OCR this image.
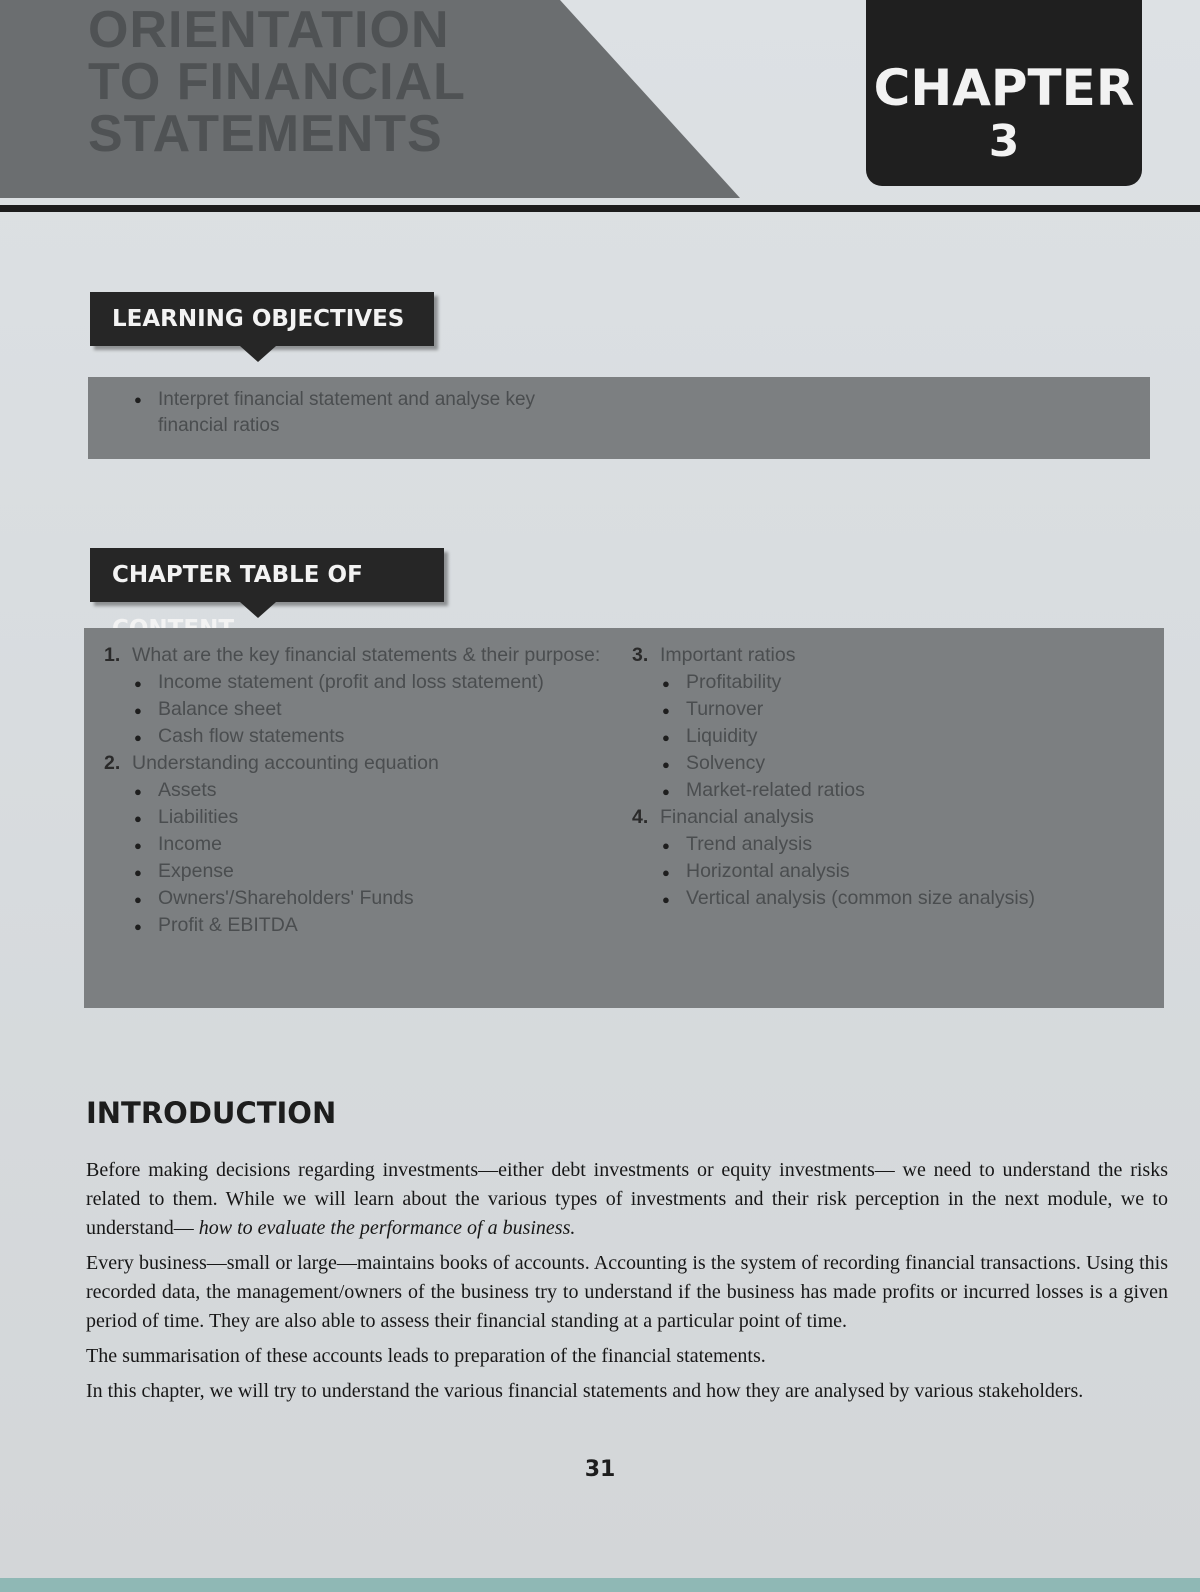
ORIENTATION
TO FINANCIAL
STATEMENTS
CHAPTER
3
LEARNING OBJECTIVES
● Interpret financial statement and analyse key
financial ratios
CHAPTER TABLE OF
1. What are the key financial statements & their purpose:
● Income statement (profit and loss statement)
● Balance sheet
● Cash flow statements
2. Understanding accounting equation
● Assets
● Liabilities
● Income
● Expense
● Owners'/Shareholders' Funds
● Profit & EBITDA
3. Important ratios
● Profitability
● Turnover
● Liquidity
● Solvency
● Market-related ratios
4. Financial analysis
● Trend analysis
● Horizontal analysis
● Vertical analysis (common size analysis)
INTRODUCTION

Before making decisions regarding investments—either debt investments or equity investments— we need to understand the risks related to them. While we will learn about the various types of investments and their risk perception in the next module, we to understand— how to evaluate the performance of a business.

Every business—small or large—maintains books of accounts. Accounting is the system of recording financial transactions. Using this recorded data, the management/owners of the business try to understand if the business has made profits or incurred losses is a given period of time. They are also able to assess their financial standing at a particular point of time.

The summarisation of these accounts leads to preparation of the financial statements.

In this chapter, we will try to understand the various financial statements and how they are analysed by various stakeholders.

31
